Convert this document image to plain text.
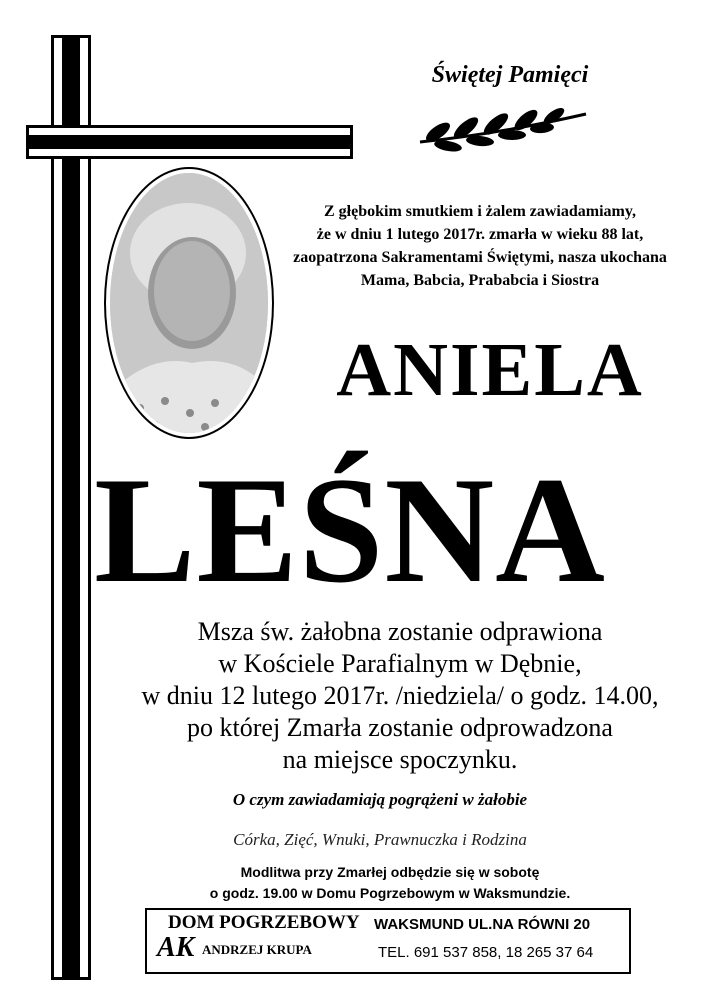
Świętej Pamięci
Z głębokim smutkiem i żalem zawiadamiamy,
że w dniu 1 lutego 2017r. zmarła w wieku 88 lat,
zaopatrzona Sakramentami Świętymi, nasza ukochana
Mama, Babcia, Prababcia i Siostra
ANIELA
LEŚNA
Msza św. żałobna zostanie odprawiona
w Kościele Parafialnym w Dębnie,
w dniu 12 lutego 2017r. /niedziela/ o godz. 14.00,
po której Zmarła zostanie odprowadzona
na miejsce spoczynku.
O czym zawiadamiają pogrążeni w żałobie
Córka, Zięć, Wnuki, Prawnuczka i Rodzina
Modlitwa przy Zmarłej odbędzie się w sobotę
o godz. 19.00 w Domu Pogrzebowym w Waksmundzie.
DOM POGRZEBOWY
AK ANDRZEJ KRUPA
WAKSMUND UL.NA RÓWNI 20
TEL. 691 537 858, 18 265 37 64
